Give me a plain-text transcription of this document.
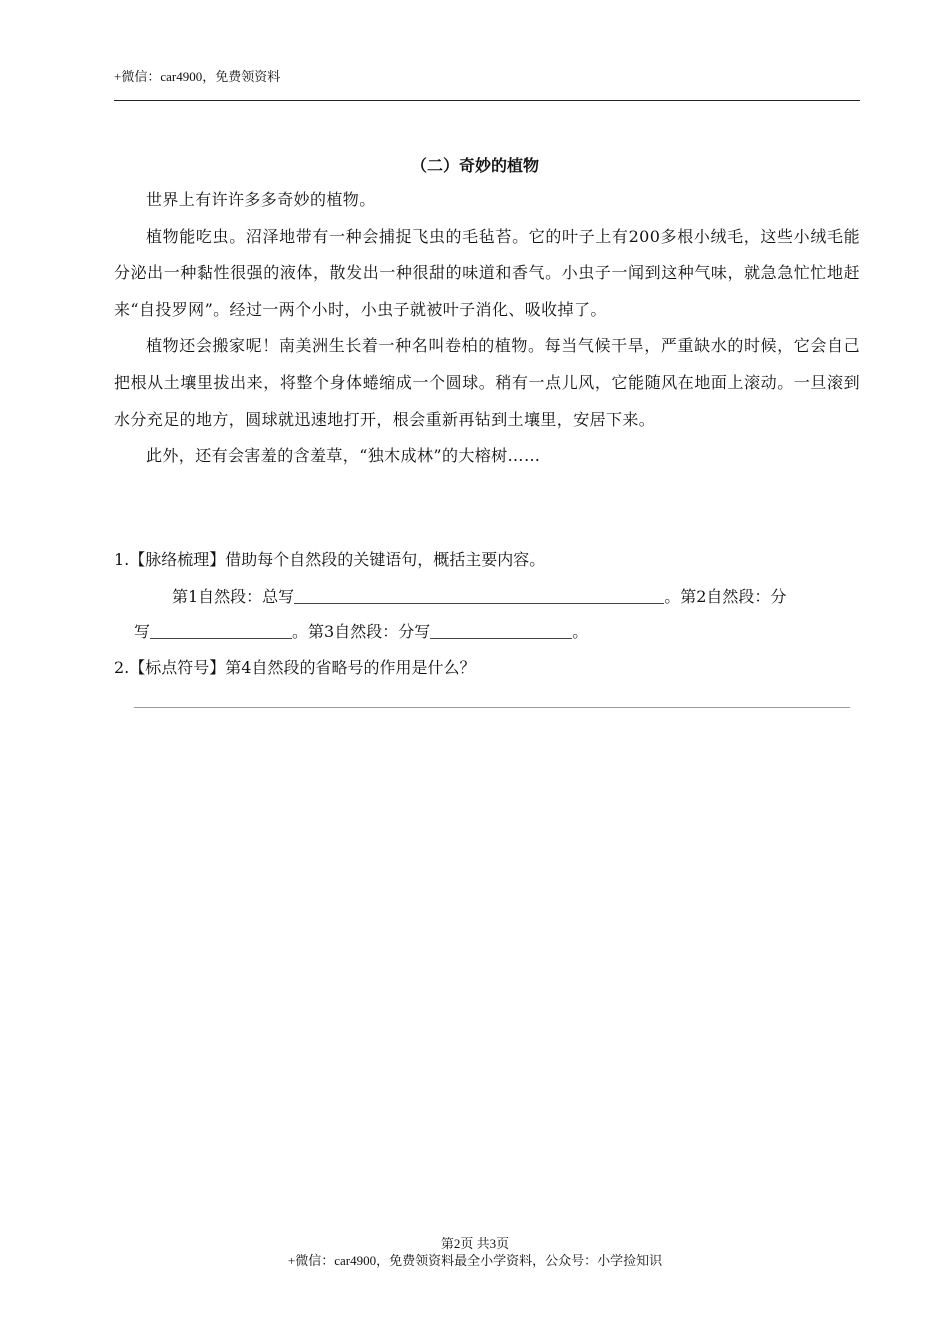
+微信：car4900，免费领资料
（二）奇妙的植物

世界上有许许多多奇妙的植物。

植物能吃虫。沼泽地带有一种会捕捉飞虫的毛毡苔。它的叶子上有200多根小绒毛，这些小绒毛能分泌出一种黏性很强的液体，散发出一种很甜的味道和香气。小虫子一闻到这种气味，就急急忙忙地赶来“自投罗网”。经过一两个小时，小虫子就被叶子消化、吸收掉了。

植物还会搬家呢！南美洲生长着一种名叫卷柏的植物。每当气候干旱，严重缺水的时候，它会自己把根从土壤里拔出来，将整个身体蜷缩成一个圆球。稍有一点儿风，它能随风在地面上滚动。一旦滚到水分充足的地方，圆球就迅速地打开，根会重新再钻到土壤里，安居下来。

此外，还有会害羞的含羞草，“独木成林”的大榕树……

1.【脉络梳理】借助每个自然段的关键语句，概括主要内容。
第1自然段：总写	。第2自然段：分
写	。第3自然段：分写	。
2.【标点符号】第4自然段的省略号的作用是什么？
第2页 共3页
+微信：car4900，免费领资料最全小学资料，公众号：小学捡知识
